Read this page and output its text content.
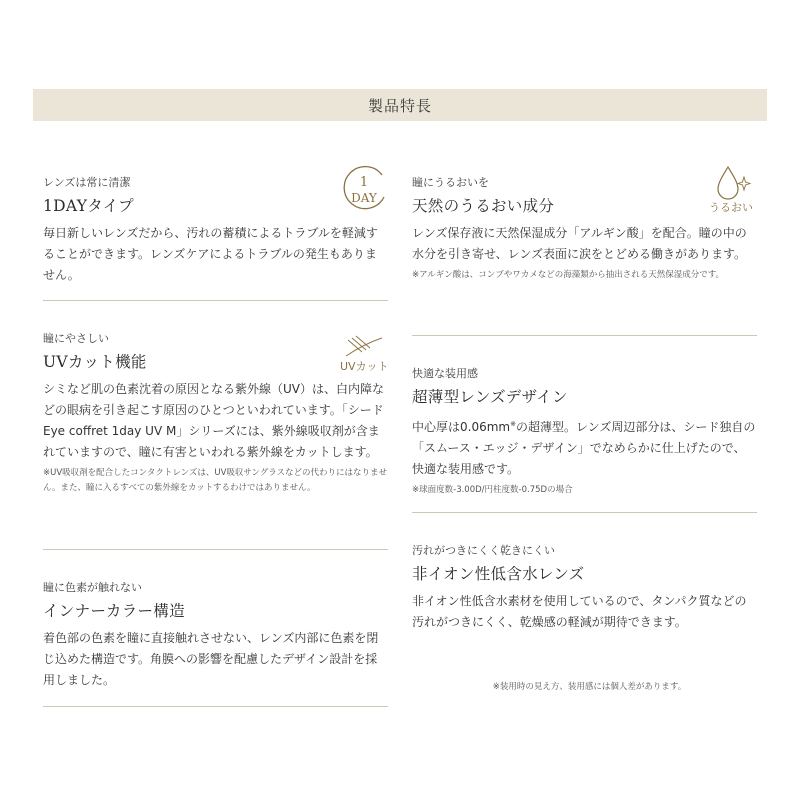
製品特長
レンズは常に清潔
1DAYタイプ
毎日新しいレンズだから、汚れの蓄積によるトラブルを軽減することができます。レンズケアによるトラブルの発生もありません。
1
DAY
瞳にやさしい
UVカット機能
シミなど肌の色素沈着の原因となる紫外線（UV）は、白内障などの眼病を引き起こす原因のひとつといわれています。「シード Eye coffret 1day UV M」シリーズには、紫外線吸収剤が含まれていますので、瞳に有害といわれる紫外線をカットします。
※UV吸収剤を配合したコンタクトレンズは、UV吸収サングラスなどの代わりにはなりません。また、瞳に入るすべての紫外線をカットするわけではありません。
UVカット
瞳に色素が触れない
インナーカラー構造
着色部の色素を瞳に直接触れさせない、レンズ内部に色素を閉じ込めた構造です。角膜への影響を配慮したデザイン設計を採用しました。
瞳にうるおいを
天然のうるおい成分
レンズ保存液に天然保湿成分「アルギン酸」を配合。瞳の中の水分を引き寄せ、レンズ表面に涙をとどめる働きがあります。
※アルギン酸は、コンブやワカメなどの海藻類から抽出される天然保湿成分です。
うるおい
快適な装用感
超薄型レンズデザイン
中心厚は0.06mm※の超薄型。レンズ周辺部分は、シード独自の「スムース・エッジ・デザイン」でなめらかに仕上げたので、快適な装用感です。
※球面度数-3.00D/円柱度数-0.75Dの場合
汚れがつきにくく乾きにくい
非イオン性低含水レンズ
非イオン性低含水素材を使用しているので、タンパク質などの汚れがつきにくく、乾燥感の軽減が期待できます。
※装用時の見え方、装用感には個人差があります。
